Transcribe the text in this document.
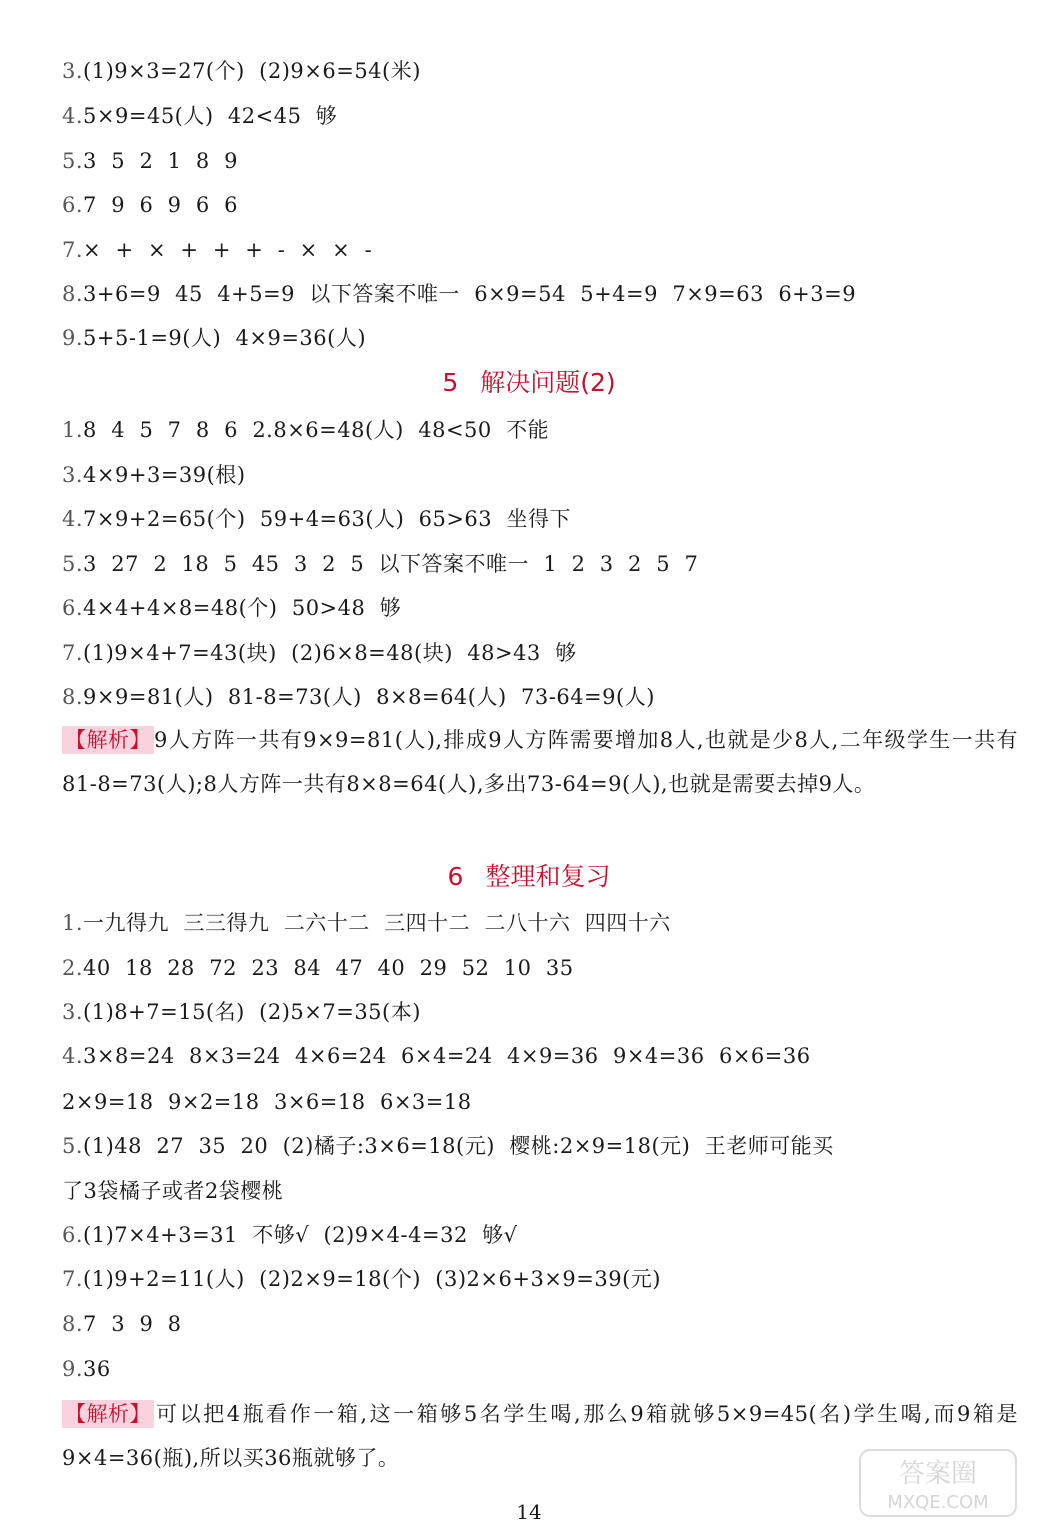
3.(1)9×3=27(个)  (2)9×6=54(米)
4.5×9=45(人)  42<45  够
5.3  5  2  1  8  9
6.7  9  6  9  6  6
7.×  +  ×  +  +  +  -  ×  ×  -
8.3+6=9  45  4+5=9  以下答案不唯一  6×9=54  5+4=9  7×9=63  6+3=9
9.5+5-1=9(人)  4×9=36(人)
5 解决问题(2)
1.8  4  5  7  8  6  2.8×6=48(人)  48<50  不能
3.4×9+3=39(根)
4.7×9+2=65(个)  59+4=63(人)  65>63  坐得下
5.3  27  2  18  5  45  3  2  5  以下答案不唯一  1  2  3  2  5  7
6.4×4+4×8=48(个)  50>48  够
7.(1)9×4+7=43(块)  (2)6×8=48(块)  48>43  够
8.9×9=81(人)  81-8=73(人)  8×8=64(人)  73-64=9(人)
【解析】 9人方阵一共有9×9=81(人),排成9人方阵需要增加8人,也就是少8人,二年级学生一共有81-8=73(人);8人方阵一共有8×8=64(人),多出73-64=9(人),也就是需要去掉9人。
6 整理和复习
1.一九得九  三三得九  二六十二  三四十二  二八十六  四四十六
2.40  18  28  72  23  84  47  40  29  52  10  35
3.(1)8+7=15(名)  (2)5×7=35(本)
4.3×8=24  8×3=24  4×6=24  6×4=24  4×9=36  9×4=36  6×6=36
2×9=18  9×2=18  3×6=18  6×3=18
5.(1)48  27  35  20  (2)橘子:3×6=18(元)  樱桃:2×9=18(元)  王老师可能买
了3袋橘子或者2袋樱桃
6.(1)7×4+3=31  不够√  (2)9×4-4=32  够√
7.(1)9+2=11(人)  (2)2×9=18(个)  (3)2×6+3×9=39(元)
8.7  3  9  8
9.36
【解析】 可以把4瓶看作一箱,这一箱够5名学生喝,那么9箱就够5×9=45(名)学生喝,而9箱是9×4=36(瓶),所以买36瓶就够了。
14
答案圈
MXQE.COM
